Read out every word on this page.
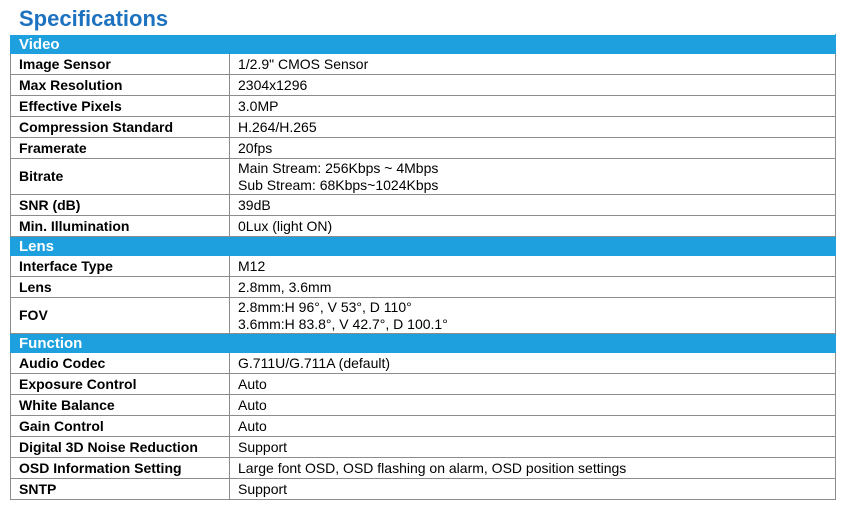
Specifications
Video	
Image Sensor	1/2.9" CMOS Sensor

Max Resolution	2304x1296

Effective Pixels	3.0MP

Compression Standard	H.264/H.265

Framerate	20fps

Bitrate	Main Stream: 256Kbps ~ 4Mbps
Sub Stream: 68Kbps~1024Kbps

SNR (dB)	39dB

Min. Illumination	0Lux (light ON)

Lens	
Interface Type	M12

Lens	2.8mm, 3.6mm

FOV	2.8mm:H 96°, V 53°, D 110°
3.6mm:H 83.8°, V 42.7°, D 100.1°

Function	
Audio Codec	G.711U/G.711A (default)

Exposure Control	Auto

White Balance	Auto

Gain Control	Auto

Digital 3D Noise Reduction	Support

OSD Information Setting	Large font OSD, OSD flashing on alarm, OSD position settings

SNTP	Support
